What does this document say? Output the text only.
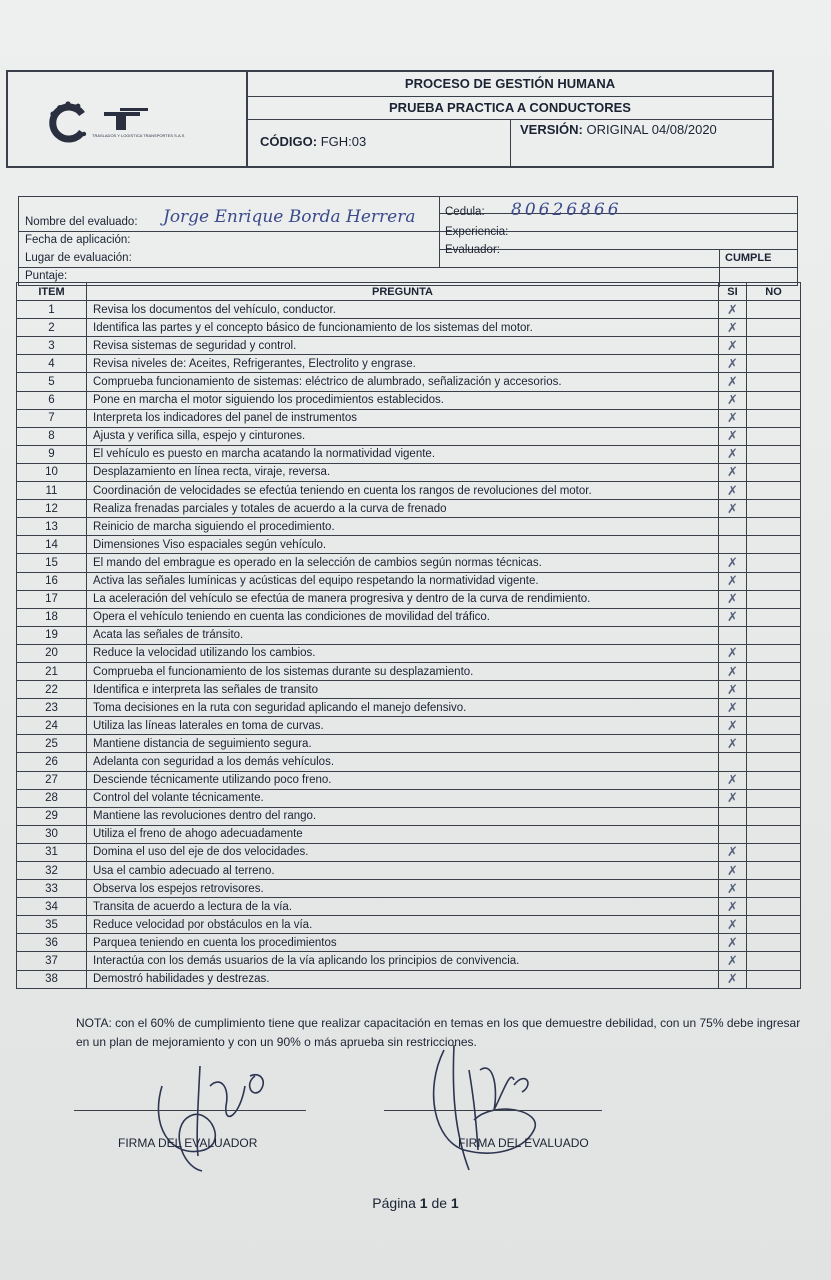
TRASLADOS Y LOGISTICA TRANSPORTES S.A.S
PROCESO DE GESTIÓN HUMANA
PRUEBA PRACTICA A CONDUCTORES
CÓDIGO: FGH:03
VERSIÓN: ORIGINAL 04/08/2020
Nombre del evaluado: Jorge Enrique Borda Herrera	Cedula: 80626866
Fecha de aplicación:
Experiencia:
Evaluador:
Lugar de evaluación:
Puntaje:
CUMPLE
ITEM	PREGUNTA	SI	NO
1	Revisa los documentos del vehículo, conductor.	✗	
2	Identifica las partes y el concepto básico de funcionamiento de los sistemas del motor.	✗	
3	Revisa sistemas de seguridad y control.	✗	
4	Revisa niveles de: Aceites, Refrigerantes, Electrolito y engrase.	✗	
5	Comprueba funcionamiento de sistemas: eléctrico de alumbrado, señalización y accesorios.	✗	
6	Pone en marcha el motor siguiendo los procedimientos establecidos.	✗	
7	Interpreta los indicadores del panel de instrumentos	✗	
8	Ajusta y verifica silla, espejo y cinturones.	✗	
9	El vehículo es puesto en marcha acatando la normatividad vigente.	✗	
10	Desplazamiento en línea recta, viraje, reversa.	✗	
11	Coordinación de velocidades se efectúa teniendo en cuenta los rangos de revoluciones del motor.	✗	
12	Realiza frenadas parciales y totales de acuerdo a la curva de frenado	✗	
13	Reinicio de marcha siguiendo el procedimiento.		
14	Dimensiones Viso espaciales según vehículo.		
15	El mando del embrague es operado en la selección de cambios según normas técnicas.	✗	
16	Activa las señales lumínicas y acústicas del equipo respetando la normatividad vigente.	✗	
17	La aceleración del vehículo se efectúa de manera progresiva y dentro de la curva de rendimiento.	✗	
18	Opera el vehículo teniendo en cuenta las condiciones de movilidad del tráfico.	✗	
19	Acata las señales de tránsito.		
20	Reduce la velocidad utilizando los cambios.	✗	
21	Comprueba el funcionamiento de los sistemas durante su desplazamiento.	✗	
22	Identifica e interpreta las señales de transito	✗	
23	Toma decisiones en la ruta con seguridad aplicando el manejo defensivo.	✗	
24	Utiliza las líneas laterales en toma de curvas.	✗	
25	Mantiene distancia de seguimiento segura.	✗	
26	Adelanta con seguridad a los demás vehículos.		
27	Desciende técnicamente utilizando poco freno.	✗	
28	Control del volante técnicamente.	✗	
29	Mantiene las revoluciones dentro del rango.		
30	Utiliza el freno de ahogo adecuadamente		
31	Domina el uso del eje de dos velocidades.	✗	
32	Usa el cambio adecuado al terreno.	✗	
33	Observa los espejos retrovisores.	✗	
34	Transita de acuerdo a lectura de la vía.	✗	
35	Reduce velocidad por obstáculos en la vía.	✗	
36	Parquea teniendo en cuenta los procedimientos	✗	
37	Interactúa con los demás usuarios de la vía aplicando los principios de convivencia.	✗	
38	Demostró habilidades y destrezas.	✗	
NOTA: con el 60% de cumplimiento tiene que realizar capacitación en temas en los que demuestre debilidad, con un 75% debe ingresar en un plan de mejoramiento y con un 90% o más aprueba sin restricciones.
FIRMA DEL EVALUADOR	FIRMA DEL EVALUADO
Página 1 de 1
